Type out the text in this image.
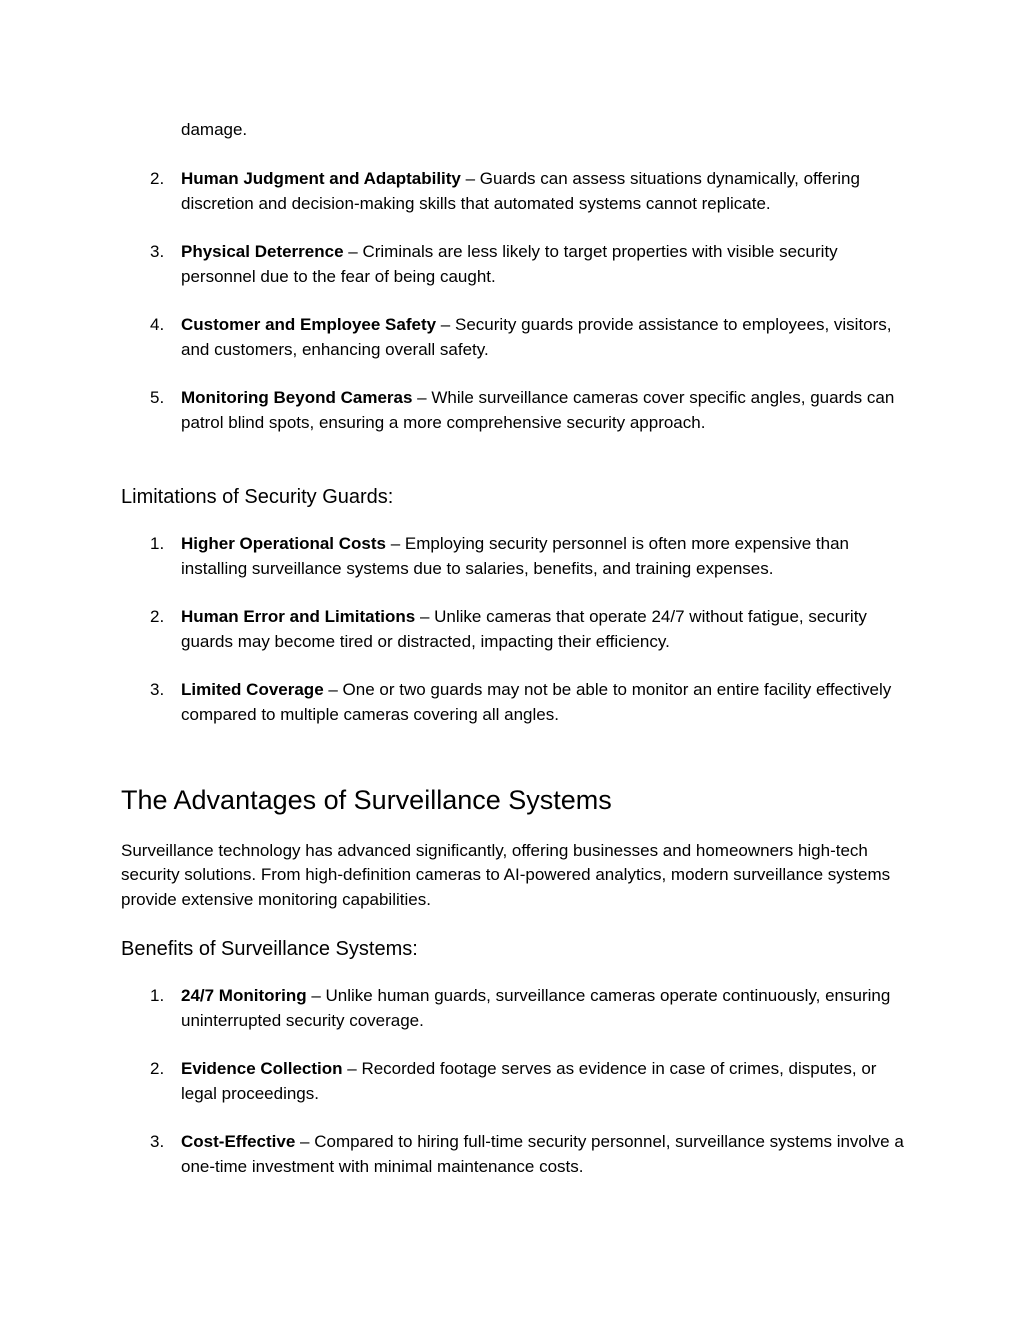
damage.

2. Human Judgment and Adaptability – Guards can assess situations dynamically, offering discretion and decision-making skills that automated systems cannot replicate.
3. Physical Deterrence – Criminals are less likely to target properties with visible security personnel due to the fear of being caught.
4. Customer and Employee Safety – Security guards provide assistance to employees, visitors, and customers, enhancing overall safety.
5. Monitoring Beyond Cameras – While surveillance cameras cover specific angles, guards can patrol blind spots, ensuring a more comprehensive security approach.
Limitations of Security Guards:
1. Higher Operational Costs – Employing security personnel is often more expensive than installing surveillance systems due to salaries, benefits, and training expenses.
2. Human Error and Limitations – Unlike cameras that operate 24/7 without fatigue, security guards may become tired or distracted, impacting their efficiency.
3. Limited Coverage – One or two guards may not be able to monitor an entire facility effectively compared to multiple cameras covering all angles.
The Advantages of Surveillance Systems

Surveillance technology has advanced significantly, offering businesses and homeowners high-tech security solutions. From high-definition cameras to AI-powered analytics, modern surveillance systems provide extensive monitoring capabilities.

Benefits of Surveillance Systems:
1. 24/7 Monitoring – Unlike human guards, surveillance cameras operate continuously, ensuring uninterrupted security coverage.
2. Evidence Collection – Recorded footage serves as evidence in case of crimes, disputes, or legal proceedings.
3. Cost-Effective – Compared to hiring full-time security personnel, surveillance systems involve a one-time investment with minimal maintenance costs.
